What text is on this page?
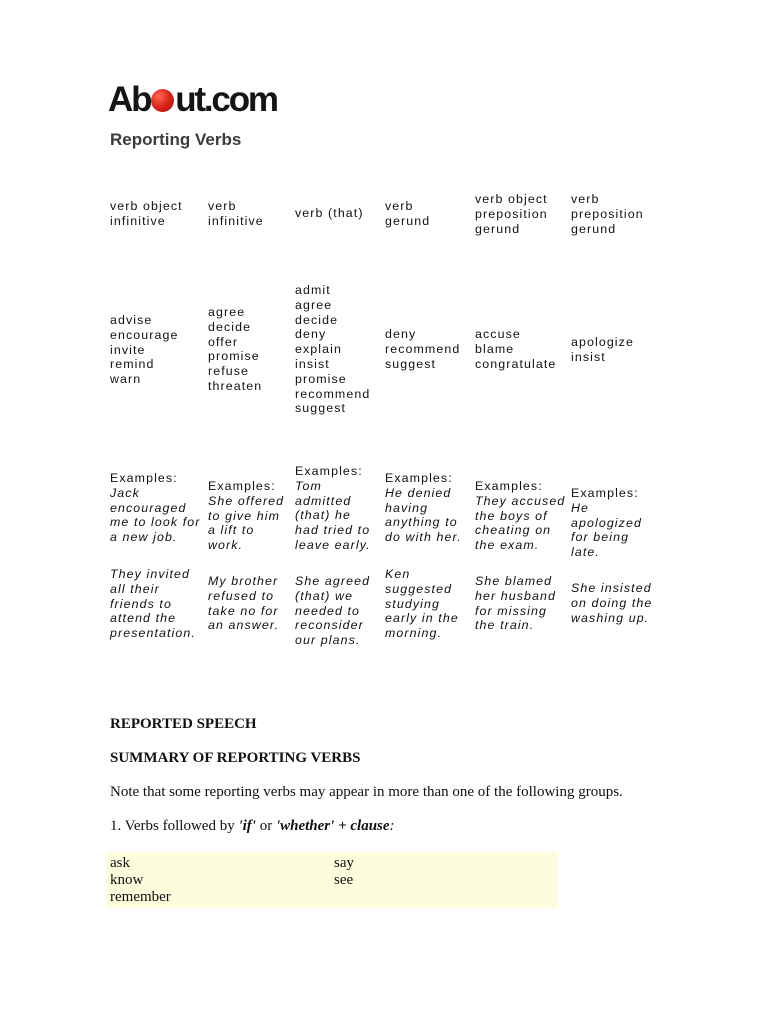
Ab ut.com
Reporting Verbs
verb object
infinitive
verb
infinitive
verb (that) verb
gerund
verb object
preposition
gerund
verb
preposition
gerund
advise
encourage
invite
remind
warn
agree
decide
offer
promise
refuse
threaten
admit
agree
decide
deny
explain
insist
promise
recommend
suggest
deny
recommend
suggest
accuse
blame
congratulate
apologize
insist
Examples:
Jack
encouraged
me to look for
a new job.
Examples:
She offered
to give him
a lift to
work.
Examples:
Tom
admitted
(that) he
had tried to
leave early.
Examples:
He denied
having
anything to
do with her.
Examples:
They accused
the boys of
cheating on
the exam.
Examples:
He
apologized
for being
late.
They invited
all their
friends to
attend the
presentation.
My brother
refused to
take no for
an answer.
She agreed
(that) we
needed to
reconsider
our plans.
Ken
suggested
studying
early in the
morning.
She blamed
her husband
for missing
the train.
She insisted
on doing the
washing up.
REPORTED SPEECH
SUMMARY OF REPORTING VERBS
Note that some reporting verbs may appear in more than one of the following groups.
1. Verbs followed by 'if' or 'whether' + clause:
ask
know
remember
say
see
